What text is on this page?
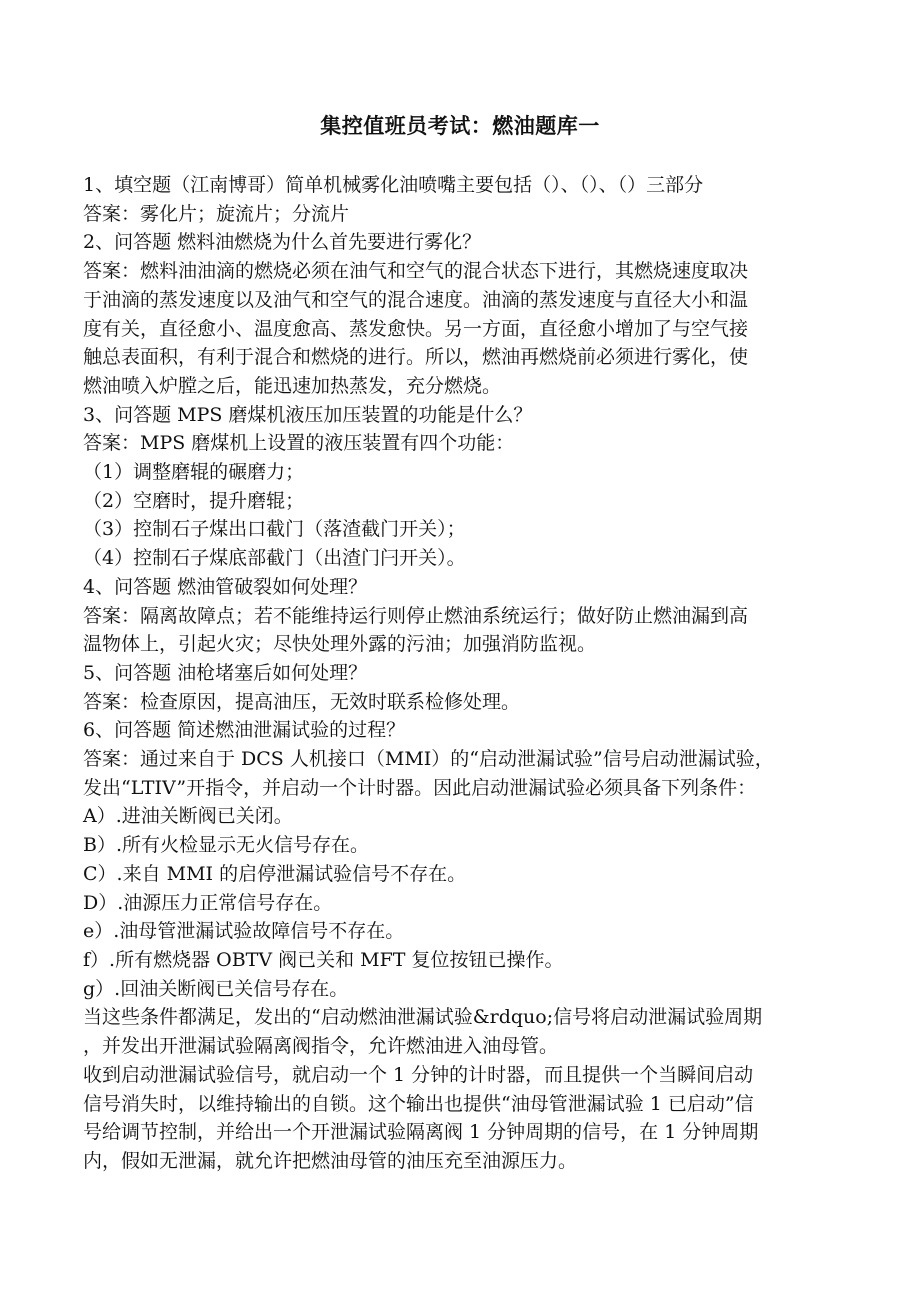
集控值班员考试：燃油题库一
1、填空题（江南博哥）简单机械雾化油喷嘴主要包括（）、（）、（）三部分
答案：雾化片；旋流片；分流片
2、问答题 燃料油燃烧为什么首先要进行雾化？
答案：燃料油油滴的燃烧必须在油气和空气的混合状态下进行，其燃烧速度取决
于油滴的蒸发速度以及油气和空气的混合速度。油滴的蒸发速度与直径大小和温
度有关，直径愈小、温度愈高、蒸发愈快。另一方面，直径愈小增加了与空气接
触总表面积，有利于混合和燃烧的进行。所以，燃油再燃烧前必须进行雾化，使
燃油喷入炉膛之后，能迅速加热蒸发，充分燃烧。
3、问答题 MPS 磨煤机液压加压装置的功能是什么？
答案：MPS 磨煤机上设置的液压装置有四个功能：
（1）调整磨辊的碾磨力；
（2）空磨时，提升磨辊；
（3）控制石子煤出口截门（落渣截门开关）；
（4）控制石子煤底部截门（出渣门闩开关）。
4、问答题 燃油管破裂如何处理？
答案：隔离故障点；若不能维持运行则停止燃油系统运行；做好防止燃油漏到高
温物体上，引起火灾；尽快处理外露的污油；加强消防监视。
5、问答题 油枪堵塞后如何处理？
答案：检查原因，提高油压，无效时联系检修处理。
6、问答题 简述燃油泄漏试验的过程？
答案：通过来自于 DCS 人机接口（MMI）的“启动泄漏试验”信号启动泄漏试验，
发出“LTIV”开指令，并启动一个计时器。因此启动泄漏试验必须具备下列条件：
A）.进油关断阀已关闭。
B）.所有火检显示无火信号存在。
C）.来自 MMI 的启停泄漏试验信号不存在。
D）.油源压力正常信号存在。
e）.油母管泄漏试验故障信号不存在。
f）.所有燃烧器 OBTV 阀已关和 MFT 复位按钮已操作。
g）.回油关断阀已关信号存在。
当这些条件都满足，发出的“启动燃油泄漏试验&rdquo;信号将启动泄漏试验周期
，并发出开泄漏试验隔离阀指令，允许燃油进入油母管。
收到启动泄漏试验信号，就启动一个 1 分钟的计时器，而且提供一个当瞬间启动
信号消失时，以维持输出的自锁。这个输出也提供“油母管泄漏试验 1 已启动”信
号给调节控制，并给出一个开泄漏试验隔离阀 1 分钟周期的信号，在 1 分钟周期
内，假如无泄漏，就允许把燃油母管的油压充至油源压力。
